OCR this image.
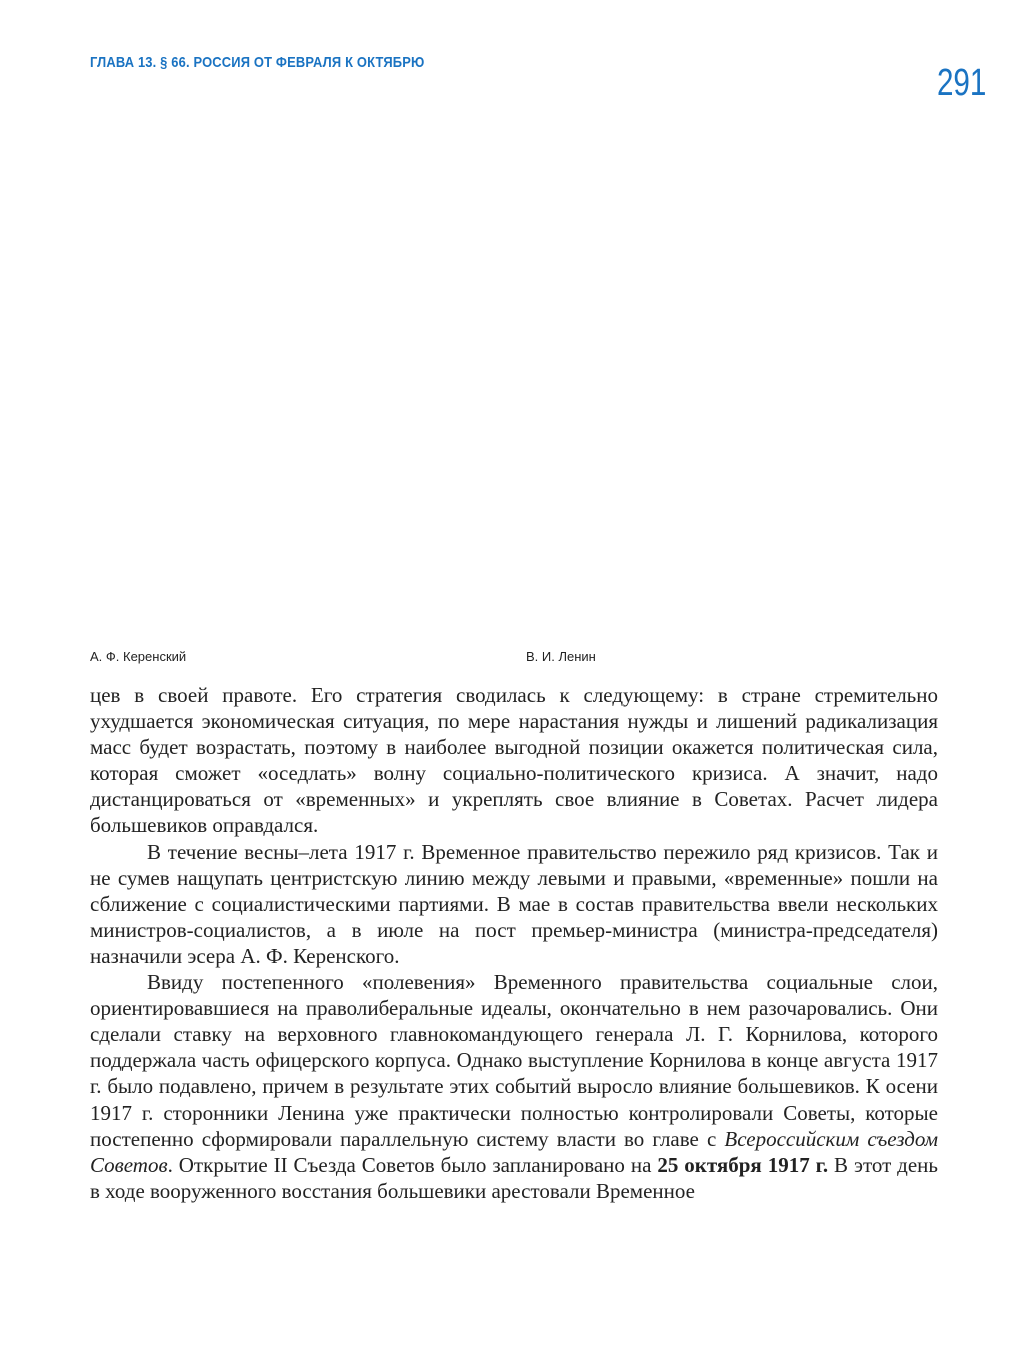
ГЛАВА 13. § 66. РОССИЯ ОТ ФЕВРАЛЯ К ОКТЯБРЮ	291
А. Ф. Керенский	В. И. Ленин

цев в своей правоте. Его стратегия сводилась к следующему: в стране стремительно ухудшается экономическая ситуация, по мере нарастания нужды и лишений радикализация масс будет возрастать, поэтому в наиболее выгодной позиции окажется политическая сила, которая сможет «оседлать» волну социально-политического кризиса. А значит, надо дистанцироваться от «временных» и укреплять свое влияние в Советах. Расчет лидера большевиков оправдался.

В течение весны–лета 1917 г. Временное правительство пережило ряд кризисов. Так и не сумев нащупать центристскую линию между левыми и правыми, «временные» пошли на сближение с социалистическими партиями. В мае в состав правительства ввели нескольких министров-социалистов, а в июле на пост премьер-министра (министра-председателя) назначили эсера А. Ф. Керенского.

Ввиду постепенного «полевения» Временного правительства социальные слои, ориентировавшиеся на праволиберальные идеалы, окончательно в нем разочаровались. Они сделали ставку на верховного главнокомандующего генерала Л. Г. Корнилова, которого поддержала часть офицерского корпуса. Однако выступление Корнилова в конце августа 1917 г. было подавлено, причем в результате этих событий выросло влияние большевиков. К осени 1917 г. сторонники Ленина уже практически полностью контролировали Советы, которые постепенно сформировали параллельную систему власти во главе с Всероссийским съездом Советов. Открытие II Съезда Советов было запланировано на 25 октября 1917 г. В этот день в ходе вооруженного восстания большевики арестовали Временное
